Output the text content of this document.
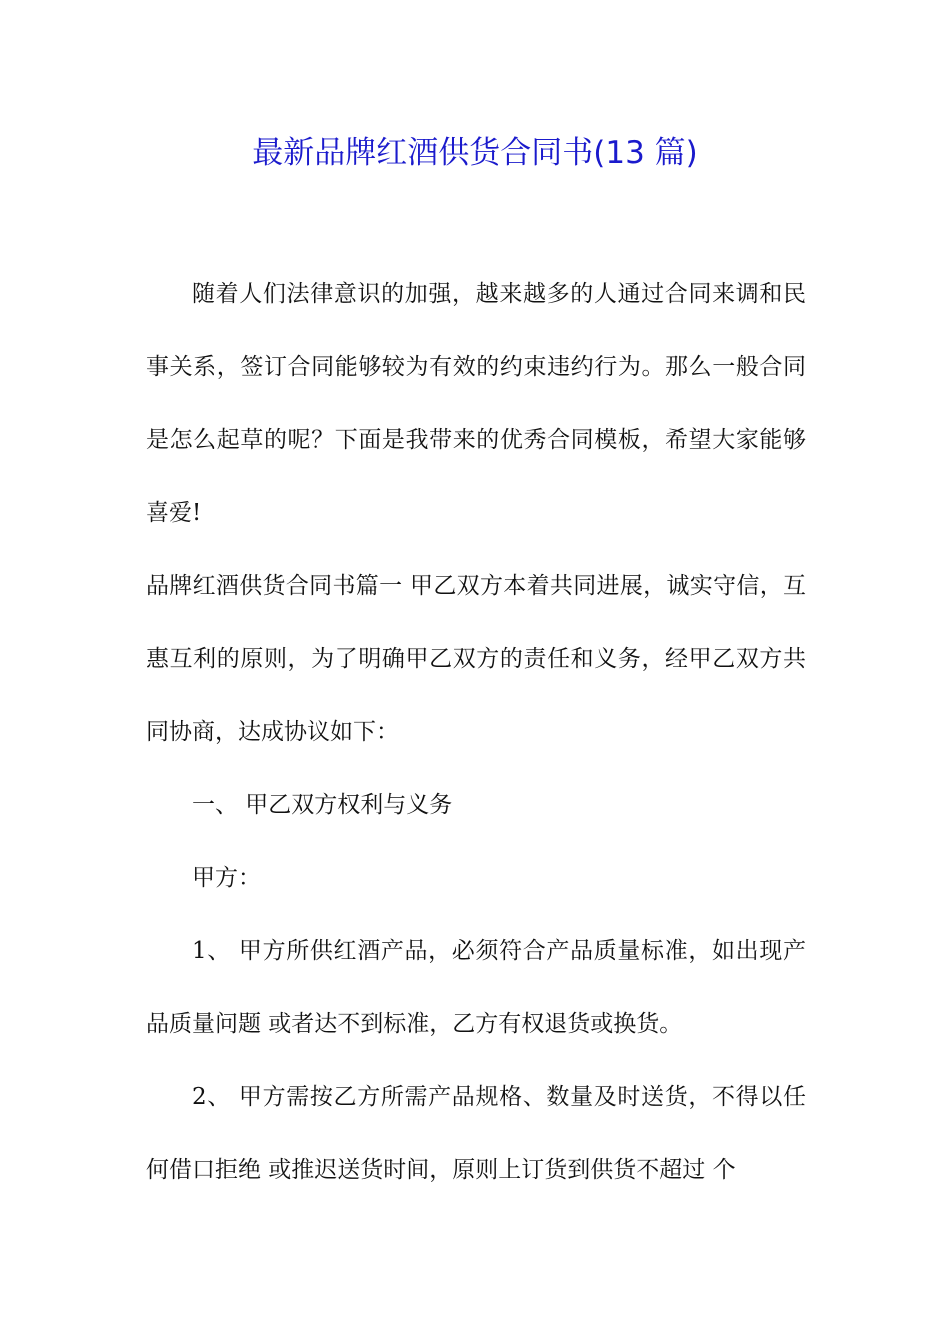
最新品牌红酒供货合同书(13 篇)

随着人们法律意识的加强，越来越多的人通过合同来调和民事关系，签订合同能够较为有效的约束违约行为。那么一般合同是怎么起草的呢？下面是我带来的优秀合同模板，希望大家能够喜爱!

品牌红酒供货合同书篇一 甲乙双方本着共同进展，诚实守信，互惠互利的原则，为了明确甲乙双方的责任和义务，经甲乙双方共同协商，达成协议如下：

一、 甲乙双方权利与义务

甲方：

1、 甲方所供红酒产品，必须符合产品质量标准，如出现产品质量问题 或者达不到标准，乙方有权退货或换货。

2、 甲方需按乙方所需产品规格、数量及时送货，不得以任何借口拒绝 或推迟送货时间，原则上订货到供货不超过 个
